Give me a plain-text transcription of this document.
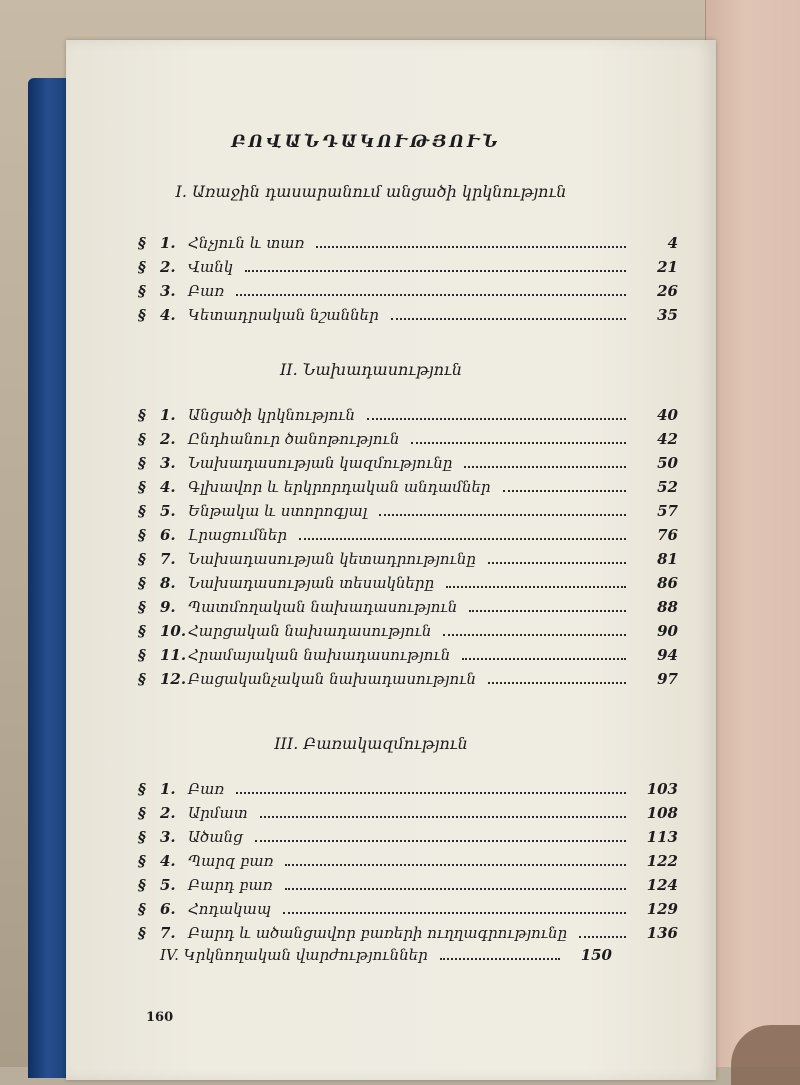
ԲՈՎԱՆԴԱԿՈՒԹՅՈՒՆ
I. Առաջին դասարանում անցածի կրկնություն
§ 1. Հնչյուն և տառ	4
§ 2. Վանկ	21
§ 3. Բառ	26
§ 4. Կետադրական նշաններ	35
II. Նախադասություն
§ 1. Անցածի կրկնություն	40
§ 2. Ընդհանուր ծանոթություն	42
§ 3. Նախադասության կազմությունը	50
§ 4. Գլխավոր և երկրորդական անդամներ	52
§ 5. Ենթակա և ստորոգյալ	57
§ 6. Լրացումներ	76
§ 7. Նախադասության կետադրությունը	81
§ 8. Նախադասության տեսակները	86
§ 9. Պատմողական նախադասություն	88
§ 10. Հարցական նախադասություն	90
§ 11. Հրամայական նախադասություն	94
§ 12. Բացականչական նախադասություն	97
III. Բառակազմություն
§ 1. Բառ	103
§ 2. Արմատ	108
§ 3. Ածանց	113
§ 4. Պարզ բառ	122
§ 5. Բարդ բառ	124
§ 6. Հոդակապ	129
§ 7. Բարդ և ածանցավոր բառերի ուղղագրությունը	136
IV. Կրկնողական վարժություններ	150
160
